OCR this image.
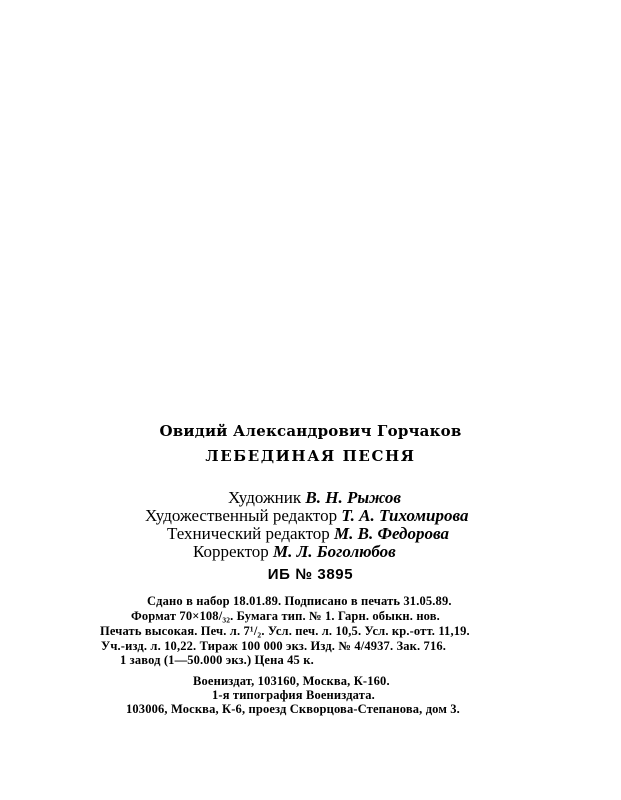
Овидий Александрович Горчаков
ЛЕБЕДИНАЯ ПЕСНЯ
Художник В. Н. Рыжов
Художественный редактор Т. А. Тихомирова
Технический редактор М. В. Федорова
Корректор М. Л. Боголюбов
ИБ № 3895
Сдано в набор 18.01.89. Подписано в печать 31.05.89.
Формат 70×108/₃₂. Бумага тип. № 1. Гарн. обыкн. нов.
Печать высокая. Печ. л. 7¹/₂. Усл. печ. л. 10,5. Усл. кр.-отт. 11,19.
Уч.-изд. л. 10,22. Тираж 100 000 экз. Изд. № 4/4937. Зак. 716.
1 завод (1—50.000 экз.) Цена 45 к.
Воениздат, 103160, Москва, К-160.
1-я типография Воениздата.
103006, Москва, К-6, проезд Скворцова-Степанова, дом 3.
